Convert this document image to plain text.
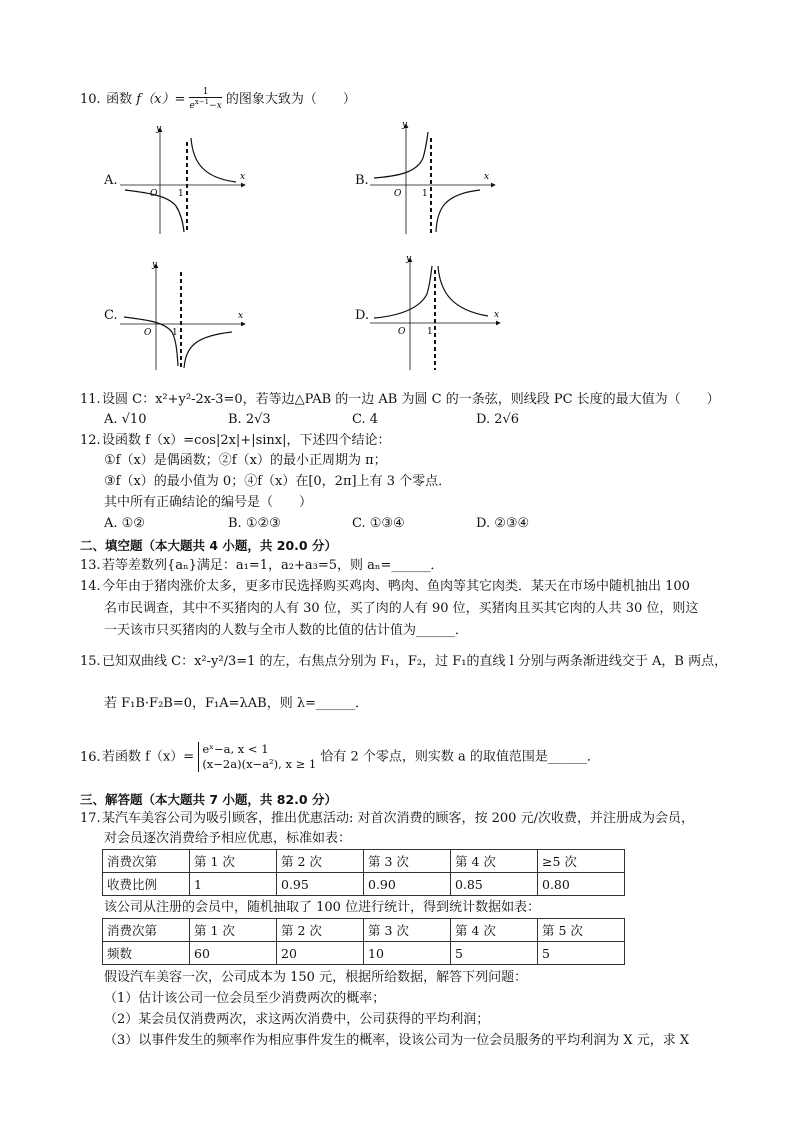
10. 函数 $f(x)= \frac{1}{e^{x-1}-x}$ 的图象大致为（　　）
A.	B.
C.	D.
x
y
O 1
x
y
O 1
x
y
O 1
x
y
O 1
11.设圆 C：x²+y²-2x-3=0，若等边△PAB 的一边 AB 为圆 C 的一条弦，则线段 PC 长度的最大值为（　　）
A. √10	B. 2√3	C. 4	D. 2√6
12.设函数 f（x）=cos|2x|+|sinx|，下述四个结论：
①f（x）是偶函数；②f（x）的最小正周期为 π；
③f（x）的最小值为 0；④f（x）在[0，2π]上有 3 个零点．
其中所有正确结论的编号是（　　）
A. ①②	B. ①②③	C. ①③④	D. ②③④
二、填空题（本大题共 4 小题，共 20.0 分）
13.若等差数列{aₙ}满足：a₁=1，a₂+a₃=5，则 aₙ=______．
14.今年由于猪肉涨价太多，更多市民选择购买鸡肉、鸭肉、鱼肉等其它肉类．某天在市场中随机抽出 100
名市民调查，其中不买猪肉的人有 30 位，买了肉的人有 90 位，买猪肉且买其它肉的人共 30 位，则这
一天该市只买猪肉的人数与全市人数的比值的估计值为______．
15.已知双曲线 C：x²-y²/3=1 的左，右焦点分别为 F₁，F₂，过 F₁的直线 l 分别与两条渐进线交于 A，B 两点，
若 F₁B·F₂B=0，F₁A=λAB，则 λ=______．
16.若函数 f（x）=
eˣ−a, x < 1
(x−2a)(x−a²), x ≥ 1 恰有 2 个零点，则实数 a 的取值范围是______．
三、解答题（本大题共 7 小题，共 82.0 分）
17.某汽车美容公司为吸引顾客，推出优惠活动: 对首次消费的顾客，按 200 元/次收费，并注册成为会员，
对会员逐次消费给予相应优惠，标准如表：
消费次第	第 1 次	第 2 次	第 3 次	第 4 次	≥5 次
收费比例	1	0.95	0.90	0.85	0.80
该公司从注册的会员中，随机抽取了 100 位进行统计，得到统计数据如表：
消费次第	第 1 次	第 2 次	第 3 次	第 4 次	第 5 次
频数	60	20	10	5	5
假设汽车美容一次，公司成本为 150 元，根据所给数据，解答下列问题：
（1）估计该公司一位会员至少消费两次的概率；
（2）某会员仅消费两次，求这两次消费中，公司获得的平均利润；
（3）以事件发生的频率作为相应事件发生的概率，设该公司为一位会员服务的平均利润为 X 元，求 X
